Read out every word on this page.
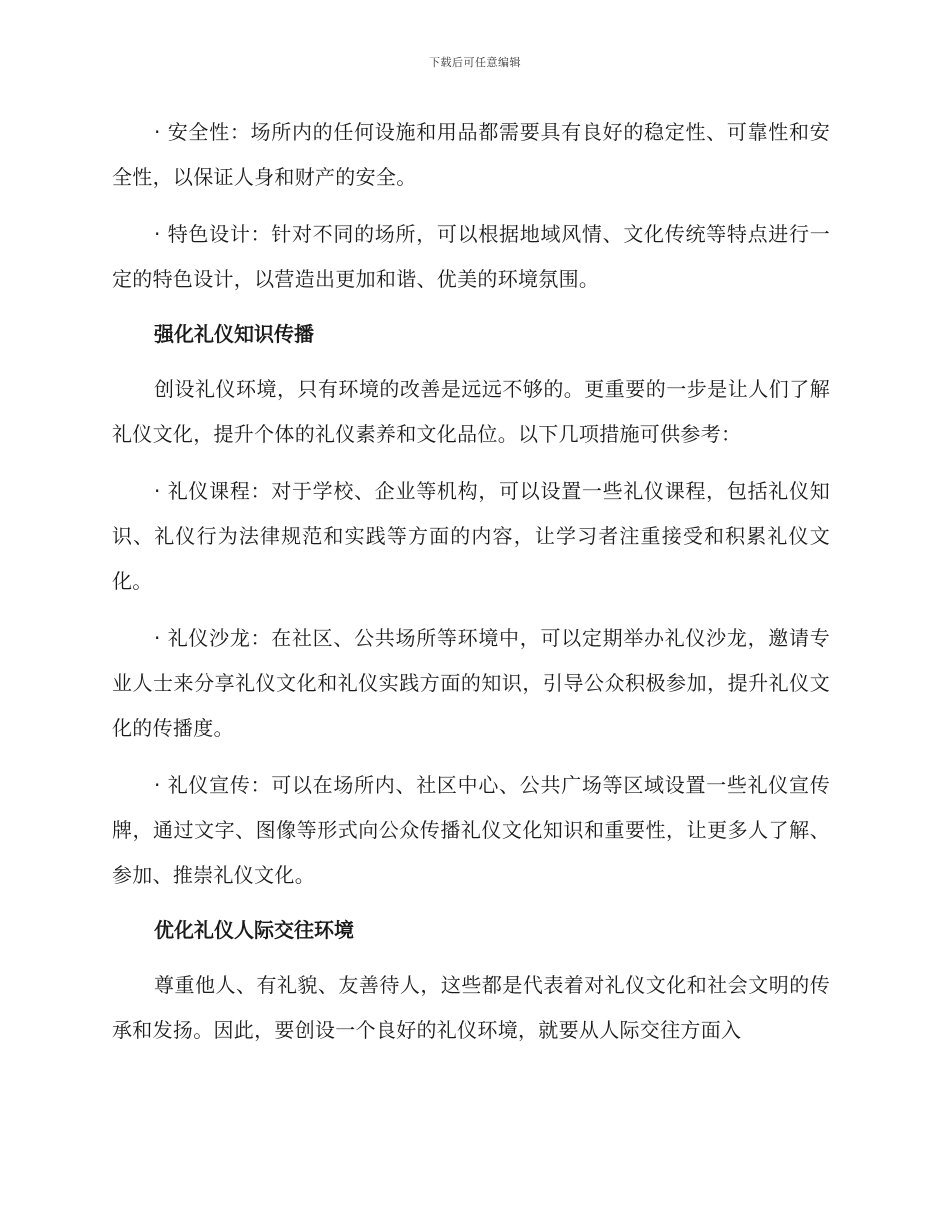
下载后可任意编辑

· 安全性：场所内的任何设施和用品都需要具有良好的稳定性、可靠性和安全性，以保证人身和财产的安全。

· 特色设计：针对不同的场所，可以根据地域风情、文化传统等特点进行一定的特色设计，以营造出更加和谐、优美的环境氛围。

强化礼仪知识传播

创设礼仪环境，只有环境的改善是远远不够的。更重要的一步是让人们了解礼仪文化，提升个体的礼仪素养和文化品位。以下几项措施可供参考：

· 礼仪课程：对于学校、企业等机构，可以设置一些礼仪课程，包括礼仪知识、礼仪行为法律规范和实践等方面的内容，让学习者注重接受和积累礼仪文化。

· 礼仪沙龙：在社区、公共场所等环境中，可以定期举办礼仪沙龙，邀请专业人士来分享礼仪文化和礼仪实践方面的知识，引导公众积极参加，提升礼仪文化的传播度。

· 礼仪宣传：可以在场所内、社区中心、公共广场等区域设置一些礼仪宣传牌，通过文字、图像等形式向公众传播礼仪文化知识和重要性，让更多人了解、参加、推崇礼仪文化。

优化礼仪人际交往环境

尊重他人、有礼貌、友善待人，这些都是代表着对礼仪文化和社会文明的传承和发扬。因此，要创设一个良好的礼仪环境，就要从人际交往方面入
